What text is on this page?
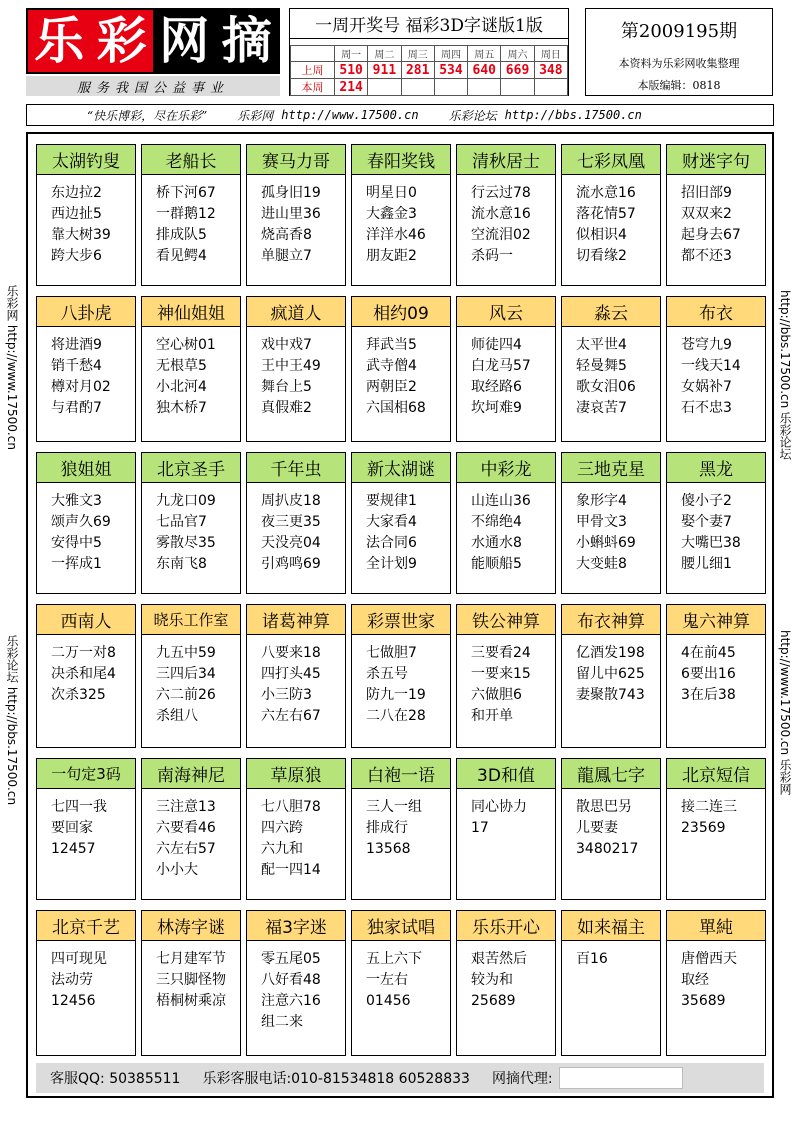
乐 彩 网 摘
服务我国公益事业
一周开奖号 福彩3D字谜版1版
	周一	周二	周三	周四	周五	周六	周日
上周	510	911	281	534	640	669	348
本周	214						
第2009195期
本资料为乐彩网收集整理
本版编辑：0818
“快乐博彩，尽在乐彩”	乐彩网 http://www.17500.cn	乐彩论坛 http://bbs.17500.cn
乐彩网 http://www.17500.cn
乐彩论坛 http://bbs.17500.cn
http://bbs.17500.cn 乐彩论坛
http://www.17500.cn 乐彩网
太湖钓叟
东边拉2
西边扯5
靠大树39
跨大步6
老船长
桥下河67
一群鹅12
排成队5
看见鳄4
赛马力哥
孤身旧19
进山里36
烧高香8
单腿立7
春阳奖钱
明星日0
大鑫金3
洋洋水46
朋友距2
清秋居士
行云过78
流水意16
空流泪02
杀码一
七彩凤凰
流水意16
落花情57
似相识4
切看缘2
财迷字句
招旧部9
双双来2
起身去67
都不还3
八卦虎
将进酒9
销千愁4
樽对月02
与君酌7
神仙姐姐
空心树01
无根草5
小北河4
独木桥7
疯道人
戏中戏7
王中王49
舞台上5
真假难2
相约09
拜武当5
武寺僧4
两朝臣2
六国相68
风云
师徒四4
白龙马57
取经路6
坎坷难9
淼云
太平世4
轻曼舞5
歌女泪06
凄哀苦7
布衣
苍穹九9
一线天14
女娲补7
石不忠3
狼姐姐
大雅文3
颂声久69
安得中5
一挥成1
北京圣手
九龙口09
七品官7
雾散尽35
东南飞8
千年虫
周扒皮18
夜三更35
天没亮04
引鸡鸣69
新太湖谜
要规律1
大家看4
法合同6
全计划9
中彩龙
山连山36
不绵绝4
水通水8
能顺船5
三地克星
象形字4
甲骨文3
小蝌蚪69
大变蛙8
黑龙
傻小子2
娶个妻7
大嘴巴38
腰儿细1
西南人
二万一对8
决杀和尾4
次杀325
晓乐工作室
九五中59
三四后34
六二前26
杀组八
诸葛神算
八要来18
四打头45
小三防3
六左右67
彩票世家
七做胆7
杀五号
防九一19
二八在28
铁公神算
三要看24
一要来15
六做胆6
和开单
布衣神算
亿酒发198
留儿中625
妻聚散743
鬼六神算
4在前45
6要出16
3在后38
一句定3码
七四一我
要回家
12457
南海神尼
三注意13
六要看46
六左右57
小小大
草原狼
七八胆78
四六跨
六九和
配一四14
白袍一语
三人一组
排成行
13568
3D和值
同心协力
17
龍鳳七字
散思巴另
儿要妻
3480217
北京短信
接二连三
23569
北京千艺
四可现见
法动劳
12456
林涛字谜
七月建军节
三只脚怪物
梧桐树乘凉
福3字迷
零五尾05
八好看48
注意六16
组二来
独家试唱
五上六下
一左右
01456
乐乐开心
艰苦然后
较为和
25689
如来福主
百16
單純
唐僧西天
取经
35689
客服QQ: 50385511 乐彩客服电话:010-81534818 60528833 网摘代理:
